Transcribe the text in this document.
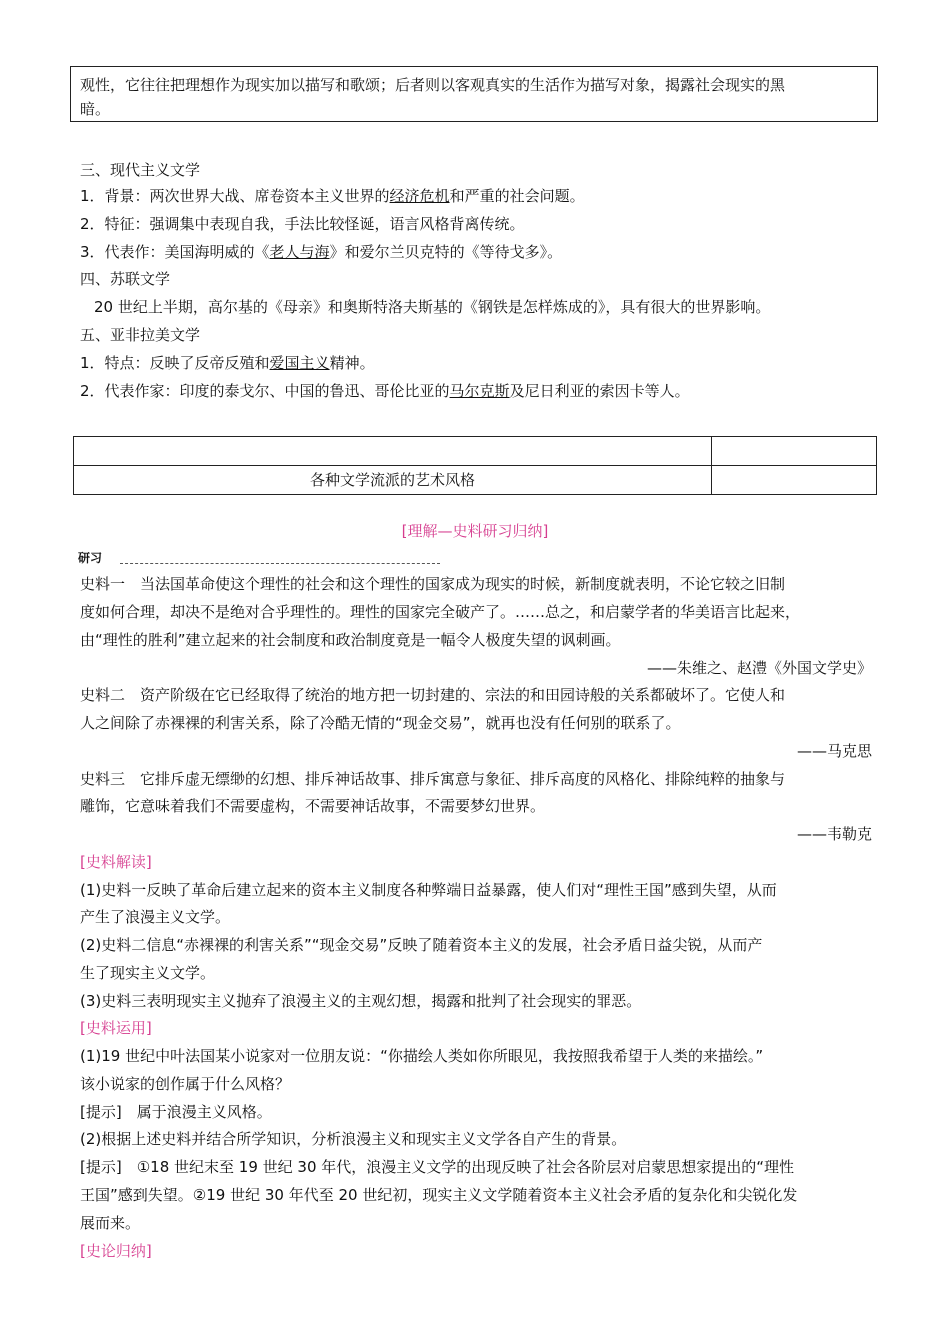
观性，它往往把理想作为现实加以描写和歌颂；后者则以客观真实的生活作为描写对象，揭露社会现实的黑
暗。
三、现代主义文学
1．背景：两次世界大战、席卷资本主义世界的经济危机和严重的社会问题。
2．特征：强调集中表现自我，手法比较怪诞，语言风格背离传统。
3．代表作：美国海明威的《老人与海》和爱尔兰贝克特的《等待戈多》。
四、苏联文学
20 世纪上半期，高尔基的《母亲》和奥斯特洛夫斯基的《钢铁是怎样炼成的》，具有很大的世界影响。
五、亚非拉美文学
1．特点：反映了反帝反殖和爱国主义精神。
2．代表作家：印度的泰戈尔、中国的鲁迅、哥伦比亚的马尔克斯及尼日利亚的索因卡等人。
各种文学流派的艺术风格
[理解—史料研习归纳]
研习
史料一　当法国革命使这个理性的社会和这个理性的国家成为现实的时候，新制度就表明，不论它较之旧制
度如何合理，却决不是绝对合乎理性的。理性的国家完全破产了。……总之，和启蒙学者的华美语言比起来，
由“理性的胜利”建立起来的社会制度和政治制度竟是一幅令人极度失望的讽刺画。
——朱维之、赵澧《外国文学史》
史料二　资产阶级在它已经取得了统治的地方把一切封建的、宗法的和田园诗般的关系都破坏了。它使人和
人之间除了赤裸裸的利害关系，除了冷酷无情的“现金交易”，就再也没有任何别的联系了。
——马克思
史料三　它排斥虚无缥缈的幻想、排斥神话故事、排斥寓意与象征、排斥高度的风格化、排除纯粹的抽象与
雕饰，它意味着我们不需要虚构，不需要神话故事，不需要梦幻世界。
——韦勒克
[史料解读]
(1)史料一反映了革命后建立起来的资本主义制度各种弊端日益暴露，使人们对“理性王国”感到失望，从而
产生了浪漫主义文学。
(2)史料二信息“赤裸裸的利害关系”“现金交易”反映了随着资本主义的发展，社会矛盾日益尖锐，从而产
生了现实主义文学。
(3)史料三表明现实主义抛弃了浪漫主义的主观幻想，揭露和批判了社会现实的罪恶。
[史料运用]
(1)19 世纪中叶法国某小说家对一位朋友说：“你描绘人类如你所眼见，我按照我希望于人类的来描绘。”
该小说家的创作属于什么风格？
[提示]　属于浪漫主义风格。
(2)根据上述史料并结合所学知识，分析浪漫主义和现实主义文学各自产生的背景。
[提示]　①18 世纪末至 19 世纪 30 年代，浪漫主义文学的出现反映了社会各阶层对启蒙思想家提出的“理性
王国”感到失望。②19 世纪 30 年代至 20 世纪初，现实主义文学随着资本主义社会矛盾的复杂化和尖锐化发
展而来。
[史论归纳]
